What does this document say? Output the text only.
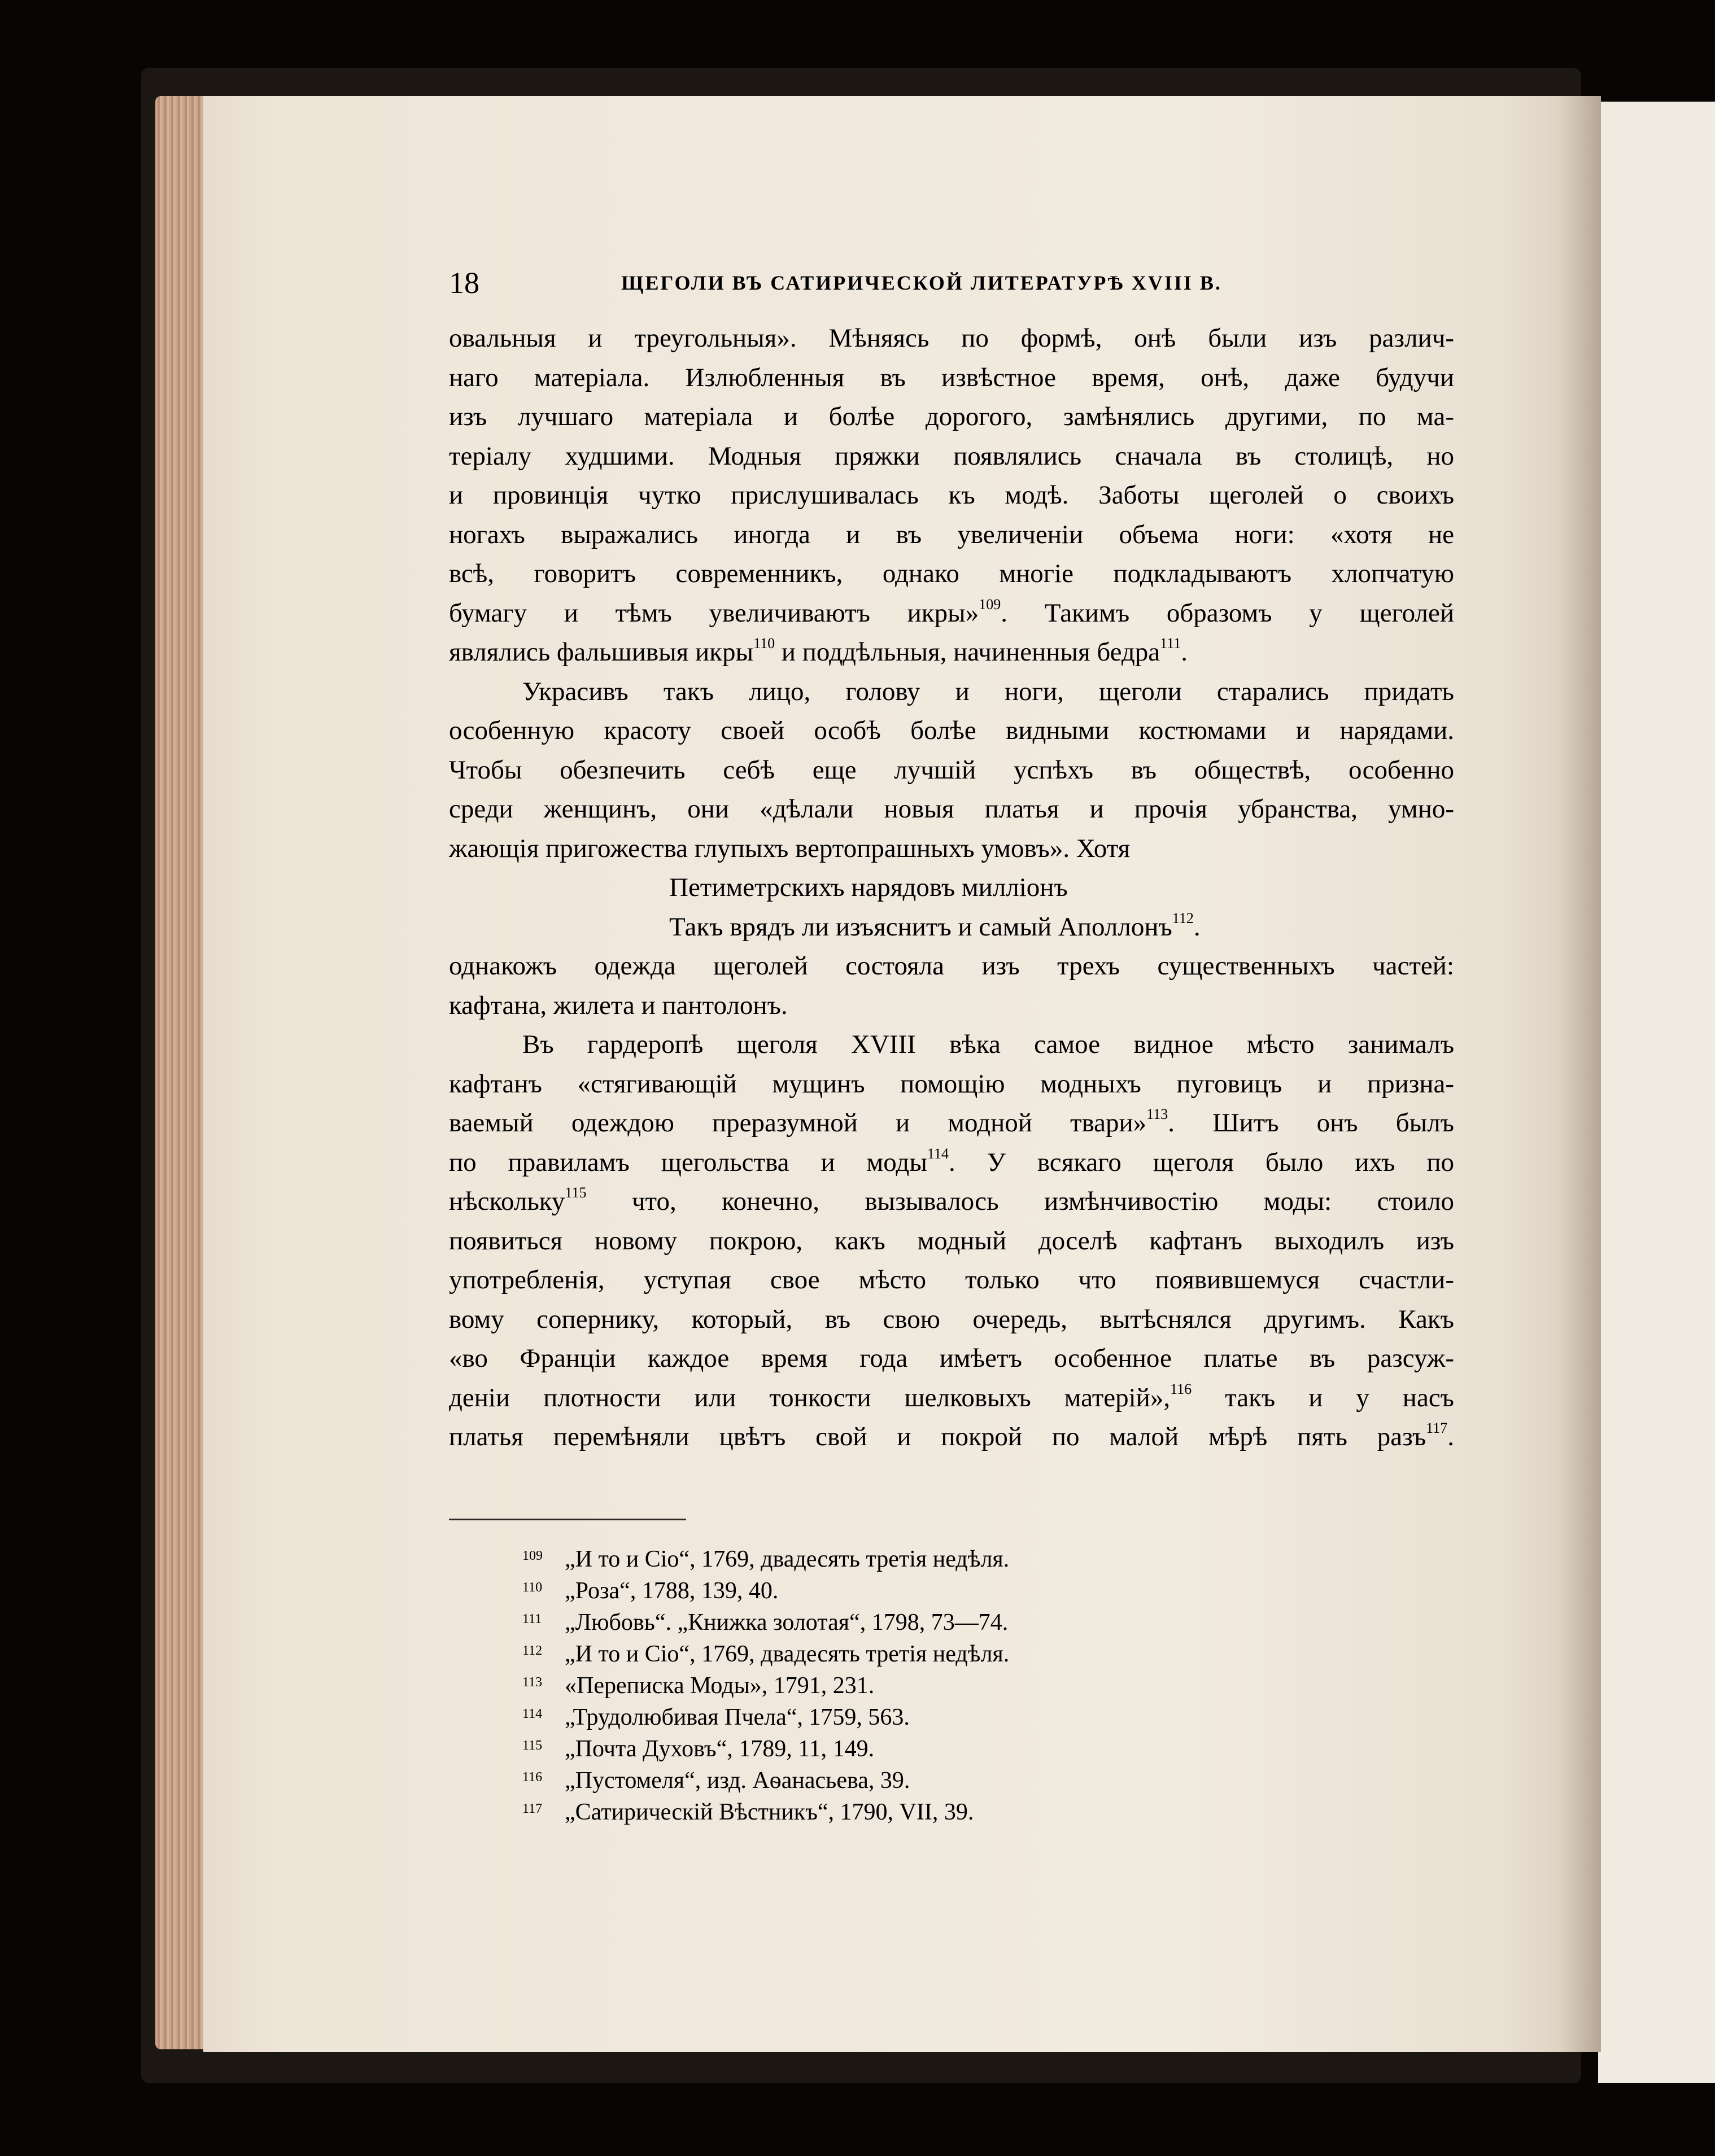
18	ЩЕГОЛИ ВЪ САТИРИЧЕСКОЙ ЛИТЕРАТУРѢ XVIII В.
овальныя и треугольныя». Мѣняясь по формѣ, онѣ были изъ различ-
наго матеріала. Излюбленныя въ извѣстное время, онѣ, даже будучи
изъ лучшаго матеріала и болѣе дорогого, замѣнялись другими, по ма-
теріалу худшими. Модныя пряжки появлялись сначала въ столицѣ, но
и провинція чутко прислушивалась къ модѣ. Заботы щеголей о своихъ
ногахъ выражались иногда и въ увеличеніи объема ноги: «хотя не
всѣ, говоритъ современникъ, однако многіе подкладываютъ хлопчатую
бумагу и тѣмъ увеличиваютъ икры»$^{109}$. Такимъ образомъ у щеголей
являлись фальшивыя икры$^{110}$ и поддѣльныя, начиненныя бедра$^{111}$.
Украсивъ такъ лицо, голову и ноги, щеголи старались придать
особенную красоту своей особѣ болѣе видными костюмами и нарядами.
Чтобы обезпечить себѣ еще лучшій успѣхъ въ обществѣ, особенно
среди женщинъ, они «дѣлали новыя платья и прочія убранства, умно-
жающія пригожества глупыхъ вертопрашныхъ умовъ». Хотя
Петиметрскихъ нарядовъ милліонъ
Такъ врядъ ли изъяснитъ и самый Аполлонъ$^{112}$.
однакожъ одежда щеголей состояла изъ трехъ существенныхъ частей:
кафтана, жилета и пантолонъ.
Въ гардеропѣ щеголя XVIII вѣка самое видное мѣсто занималъ
кафтанъ «стягивающій мущинъ помощію модныхъ пуговицъ и призна-
ваемый одеждою преразумной и модной твари»$^{113}$. Шитъ онъ былъ
по правиламъ щегольства и моды$^{114}$. У всякаго щеголя было ихъ по
нѣскольку$^{115}$ что, конечно, вызывалось измѣнчивостію моды: стоило
появиться новому покрою, какъ модный доселѣ кафтанъ выходилъ изъ
употребленія, уступая свое мѣсто только что появившемуся счастли-
вому сопернику, который, въ свою очередь, вытѣснялся другимъ. Какъ
«во Франціи каждое время года имѣетъ особенное платье въ разсуж-
деніи плотности или тонкости шелковыхъ матерій»,$^{116}$ такъ и у насъ
платья перемѣняли цвѣтъ свой и покрой по малой мѣрѣ пять разъ$^{117}$.
109 „И то и Сіо“, 1769, двадесять третія недѣля.
110 „Роза“, 1788, 139, 40.
111 „Любовь“. „Книжка золотая“, 1798, 73—74.
112 „И то и Сіо“, 1769, двадесять третія недѣля.
113 «Переписка Моды», 1791, 231.
114 „Трудолюбивая Пчела“, 1759, 563.
115 „Почта Духовъ“, 1789, 11, 149.
116 „Пустомеля“, изд. Аѳанасьева, 39.
117 „Сатирическій Вѣстникъ“, 1790, VII, 39.
